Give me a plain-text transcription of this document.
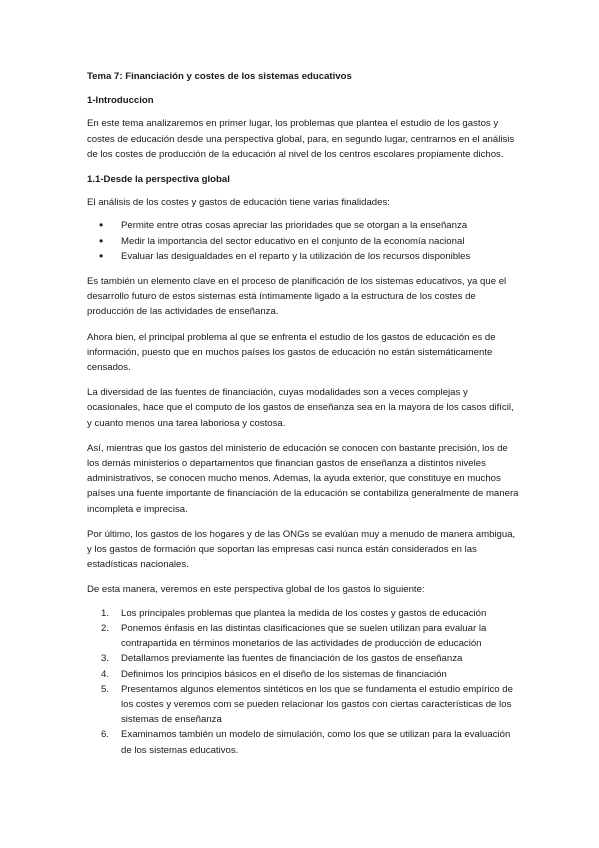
Tema 7: Financiación y costes de los sistemas educativos
1-Introduccion

En este tema analizaremos en primer lugar, los problemas que plantea el estudio de los gastos y costes de educación desde una perspectiva global, para, en segundo lugar, centrarnos en el análisis de los costes de producción de la educación al nivel de los centros escolares propiamente dichos.

1.1-Desde la perspectiva global

El análisis de los costes y gastos de educación tiene varias finalidades:

• Permite entre otras cosas apreciar las prioridades que se otorgan a la enseñanza
• Medir la importancia del sector educativo en el conjunto de la economía nacional
• Evaluar las desigualdades en el reparto y la utilización de los recursos disponibles

Es también un elemento clave en el proceso de planificación de los sistemas educativos, ya que el desarrollo futuro de estos sistemas está íntimamente ligado a la estructura de los costes de producción de las actividades de enseñanza.

Ahora bien, el principal problema al que se enfrenta el estudio de los gastos de educación es de información, puesto que en muchos países los gastos de educación no están sistemáticamente censados.

La diversidad de las fuentes de financiación, cuyas modalidades son a veces complejas y ocasionales, hace que el computo de los gastos de enseñanza sea en la mayora de los casos difícil, y cuanto menos una tarea laboriosa y costosa.

Así, mientras que los gastos del ministerio de educación se conocen con bastante precisión, los de los demás ministerios o departamentos que financian gastos de enseñanza a distintos niveles administrativos, se conocen mucho menos. Ademas, la ayuda exterior, que constituye en muchos países una fuente importante de financiación de la educación se contabiliza generalmente de manera incompleta e imprecisa.

Por último, los gastos de los hogares y de las ONGs se evalúan muy a menudo de manera ambigua, y los gastos de formación que soportan las empresas casi nunca están considerados en las estadísticas nacionales.

De esta manera, veremos en este perspectiva global de los gastos lo siguiente:

1. Los principales problemas que plantea la medida de los costes y gastos de educación
2. Ponemos énfasis en las distintas clasificaciones que se suelen utilizan para evaluar la contrapartida en términos monetarios de las actividades de producción de educación
3. Detallamos previamente las fuentes de financiación de los gastos de enseñanza
4. Definimos los principios básicos en el diseño de los sistemas de financiación
5. Presentamos algunos elementos sintéticos en los que se fundamenta el estudio empírico de los costes y veremos com se pueden relacionar los gastos con ciertas características de los sistemas de enseñanza
6. Examinamos también un modelo de simulación, como los que se utilizan para la evaluación de los sistemas educativos.
